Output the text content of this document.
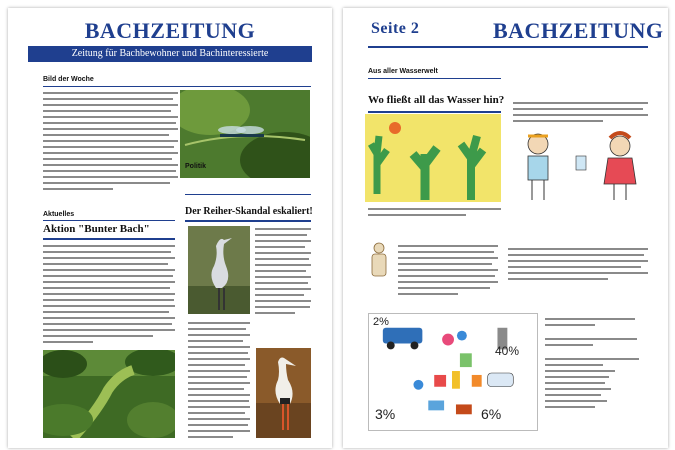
BACHZEITUNG
Zeitung für Bachbewohner und Bachinteressierte
Bild der Woche
Aktuelles
Aktion "Bunter Bach"
Politik
Der Reiher-Skandal eskaliert!
Seite 2	BACHZEITUNG
Aus aller Wasserwelt
Wo fließt all das Wasser hin?
2%
40%
3%	6%
